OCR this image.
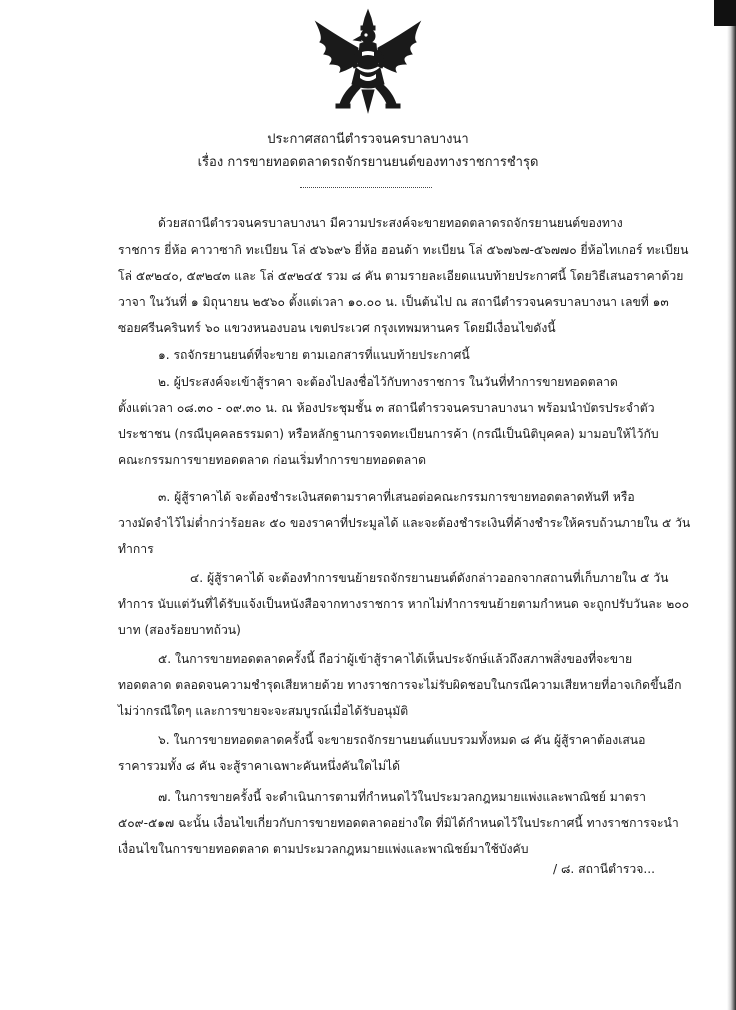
ประกาศสถานีตำรวจนครบาลบางนา
เรื่อง การขายทอดตลาดรถจักรยานยนต์ของทางราชการชำรุด
ด้วยสถานีตำรวจนครบาลบางนา มีความประสงค์จะขายทอดตลาดรถจักรยานยนต์ของทาง
ราชการ ยี่ห้อ คาวาซากิ ทะเบียน โล่ ๕๖๖๙๖ ยี่ห้อ ฮอนด้า ทะเบียน โล่ ๕๖๗๖๗-๕๖๗๗๐ ยี่ห้อไทเกอร์ ทะเบียน
โล่ ๕๙๒๔๐, ๕๙๒๔๓ และ โล่ ๕๙๒๔๕ รวม ๘ คัน ตามรายละเอียดแนบท้ายประกาศนี้ โดยวิธีเสนอราคาด้วย
วาจา ในวันที่ ๑ มิถุนายน ๒๕๖๐ ตั้งแต่เวลา ๑๐.๐๐ น. เป็นต้นไป ณ สถานีตำรวจนครบาลบางนา เลขที่ ๑๓
ซอยศรีนครินทร์ ๖๐ แขวงหนองบอน เขตประเวศ กรุงเทพมหานคร โดยมีเงื่อนไขดังนี้
๑. รถจักรยานยนต์ที่จะขาย ตามเอกสารที่แนบท้ายประกาศนี้
๒. ผู้ประสงค์จะเข้าสู้ราคา จะต้องไปลงชื่อไว้กับทางราชการ ในวันที่ทำการขายทอดตลาด
ตั้งแต่เวลา ๐๘.๓๐ - ๐๙.๓๐ น. ณ ห้องประชุมชั้น ๓ สถานีตำรวจนครบาลบางนา พร้อมนำบัตรประจำตัว
ประชาชน (กรณีบุคคลธรรมดา) หรือหลักฐานการจดทะเบียนการค้า (กรณีเป็นนิติบุคคล) มามอบให้ไว้กับ
คณะกรรมการขายทอดตลาด ก่อนเริ่มทำการขายทอดตลาด
๓. ผู้สู้ราคาได้ จะต้องชำระเงินสดตามราคาที่เสนอต่อคณะกรรมการขายทอดตลาดทันที หรือ
วางมัดจำไว้ไม่ต่ำกว่าร้อยละ ๕๐ ของราคาที่ประมูลได้ และจะต้องชำระเงินที่ค้างชำระให้ครบถ้วนภายใน ๕ วัน
ทำการ
๔. ผู้สู้ราคาได้ จะต้องทำการขนย้ายรถจักรยานยนต์ดังกล่าวออกจากสถานที่เก็บภายใน ๕ วัน
ทำการ นับแต่วันที่ได้รับแจ้งเป็นหนังสือจากทางราชการ หากไม่ทำการขนย้ายตามกำหนด จะถูกปรับวันละ ๒๐๐
บาท (สองร้อยบาทถ้วน)
๕. ในการขายทอดตลาดครั้งนี้ ถือว่าผู้เข้าสู้ราคาได้เห็นประจักษ์แล้วถึงสภาพสิ่งของที่จะขาย
ทอดตลาด ตลอดจนความชำรุดเสียหายด้วย ทางราชการจะไม่รับผิดชอบในกรณีความเสียหายที่อาจเกิดขึ้นอีก
ไม่ว่ากรณีใดๆ และการขายจะจะสมบูรณ์เมื่อได้รับอนุมัติ
๖. ในการขายทอดตลาดครั้งนี้ จะขายรถจักรยานยนต์แบบรวมทั้งหมด ๘ คัน ผู้สู้ราคาต้องเสนอ
ราคารวมทั้ง ๘ คัน จะสู้ราคาเฉพาะคันหนึ่งคันใดไม่ได้
๗. ในการขายครั้งนี้ จะดำเนินการตามที่กำหนดไว้ในประมวลกฎหมายแพ่งและพาณิชย์ มาตรา
๕๐๙-๕๑๗ ฉะนั้น เงื่อนไขเกี่ยวกับการขายทอดตลาดอย่างใด ที่มิได้กำหนดไว้ในประกาศนี้ ทางราชการจะนำ
เงื่อนไขในการขายทอดตลาด ตามประมวลกฎหมายแพ่งและพาณิชย์มาใช้บังคับ
/ ๘. สถานีตำรวจ...
